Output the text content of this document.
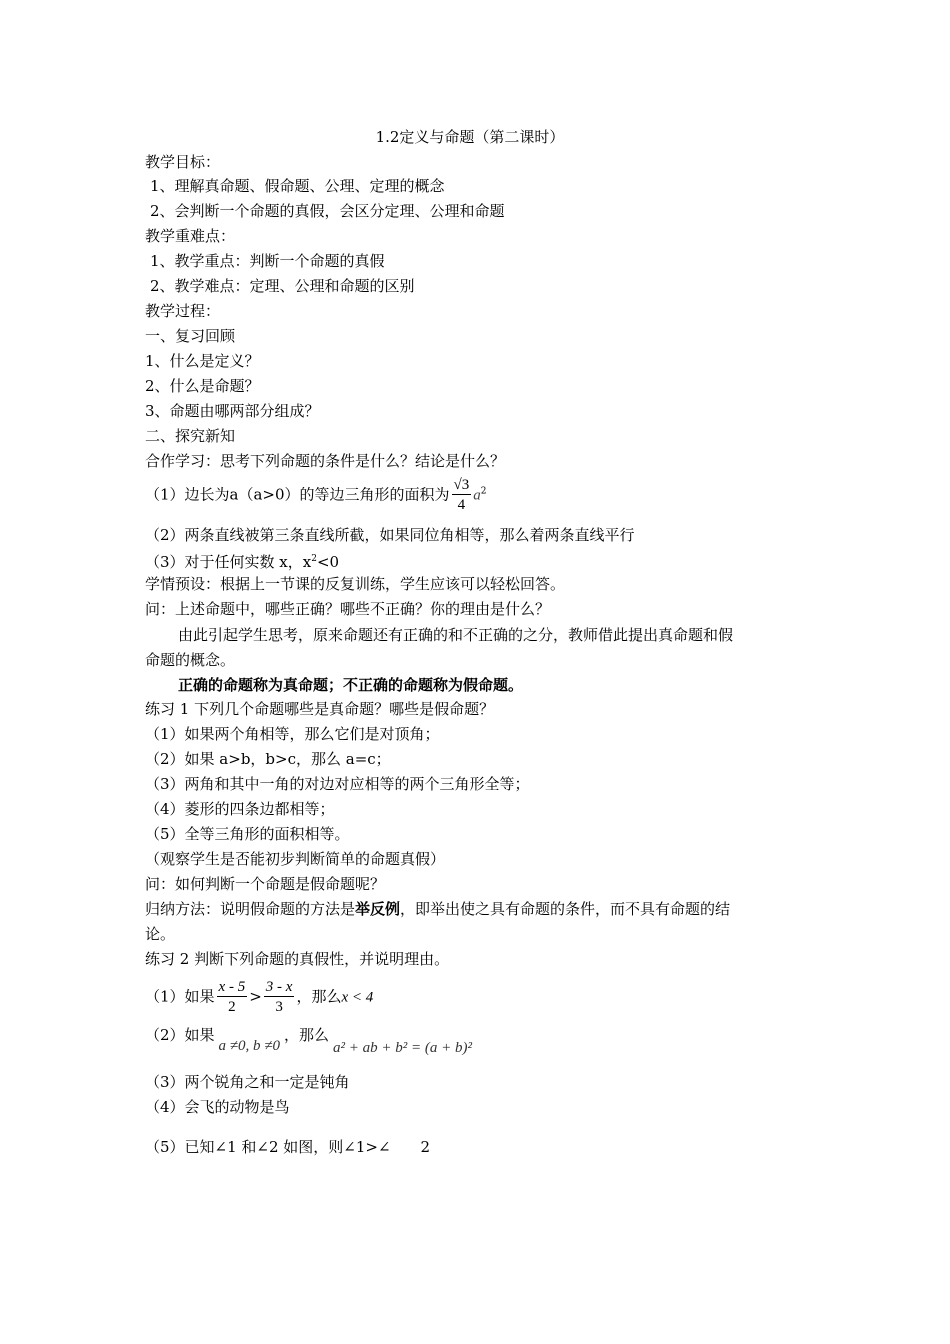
1.2定义与命题（第二课时）
教学目标：
1、理解真命题、假命题、公理、定理的概念
2、会判断一个命题的真假，会区分定理、公理和命题
教学重难点：
1、教学重点：判断一个命题的真假
2、教学难点：定理、公理和命题的区别
教学过程：
一、复习回顾
1、什么是定义？
2、什么是命题？
3、命题由哪两部分组成？
二、探究新知
合作学习：思考下列命题的条件是什么？结论是什么？
（1）边长为a（a>0）的等边三角形的面积为 $\frac{√3}{4} a^2$
（2）两条直线被第三条直线所截，如果同位角相等，那么着两条直线平行
（3）对于任何实数 x，$x^2<0$
学情预设：根据上一节课的反复训练，学生应该可以轻松回答。
问：上述命题中，哪些正确？哪些不正确？你的理由是什么？
由此引起学生思考，原来命题还有正确的和不正确的之分，教师借此提出真命题和假
命题的概念。
正确的命题称为真命题；不正确的命题称为假命题。
练习 1 下列几个命题哪些是真命题？哪些是假命题？
（1）如果两个角相等，那么它们是对顶角；
（2）如果 a>b，b>c，那么 a=c；
（3）两角和其中一角的对边对应相等的两个三角形全等；
（4）菱形的四条边都相等；
（5）全等三角形的面积相等。
（观察学生是否能初步判断简单的命题真假）
问：如何判断一个命题是假命题呢？
归纳方法：说明假命题的方法是举反例，即举出使之具有命题的条件，而不具有命题的结
论。
练习 2 判断下列命题的真假性，并说明理由。
（1）如果 $\frac{x - 5}{2} > \frac{3 - x}{3}$ ，那么x < 4
（2）如果a ≠0, b ≠0，那么a² + ab + b² = (a + b)²
（3）两个锐角之和一定是钝角
（4）会飞的动物是鸟
（5）已知∠1 和∠2 如图，则∠1>∠　　2
